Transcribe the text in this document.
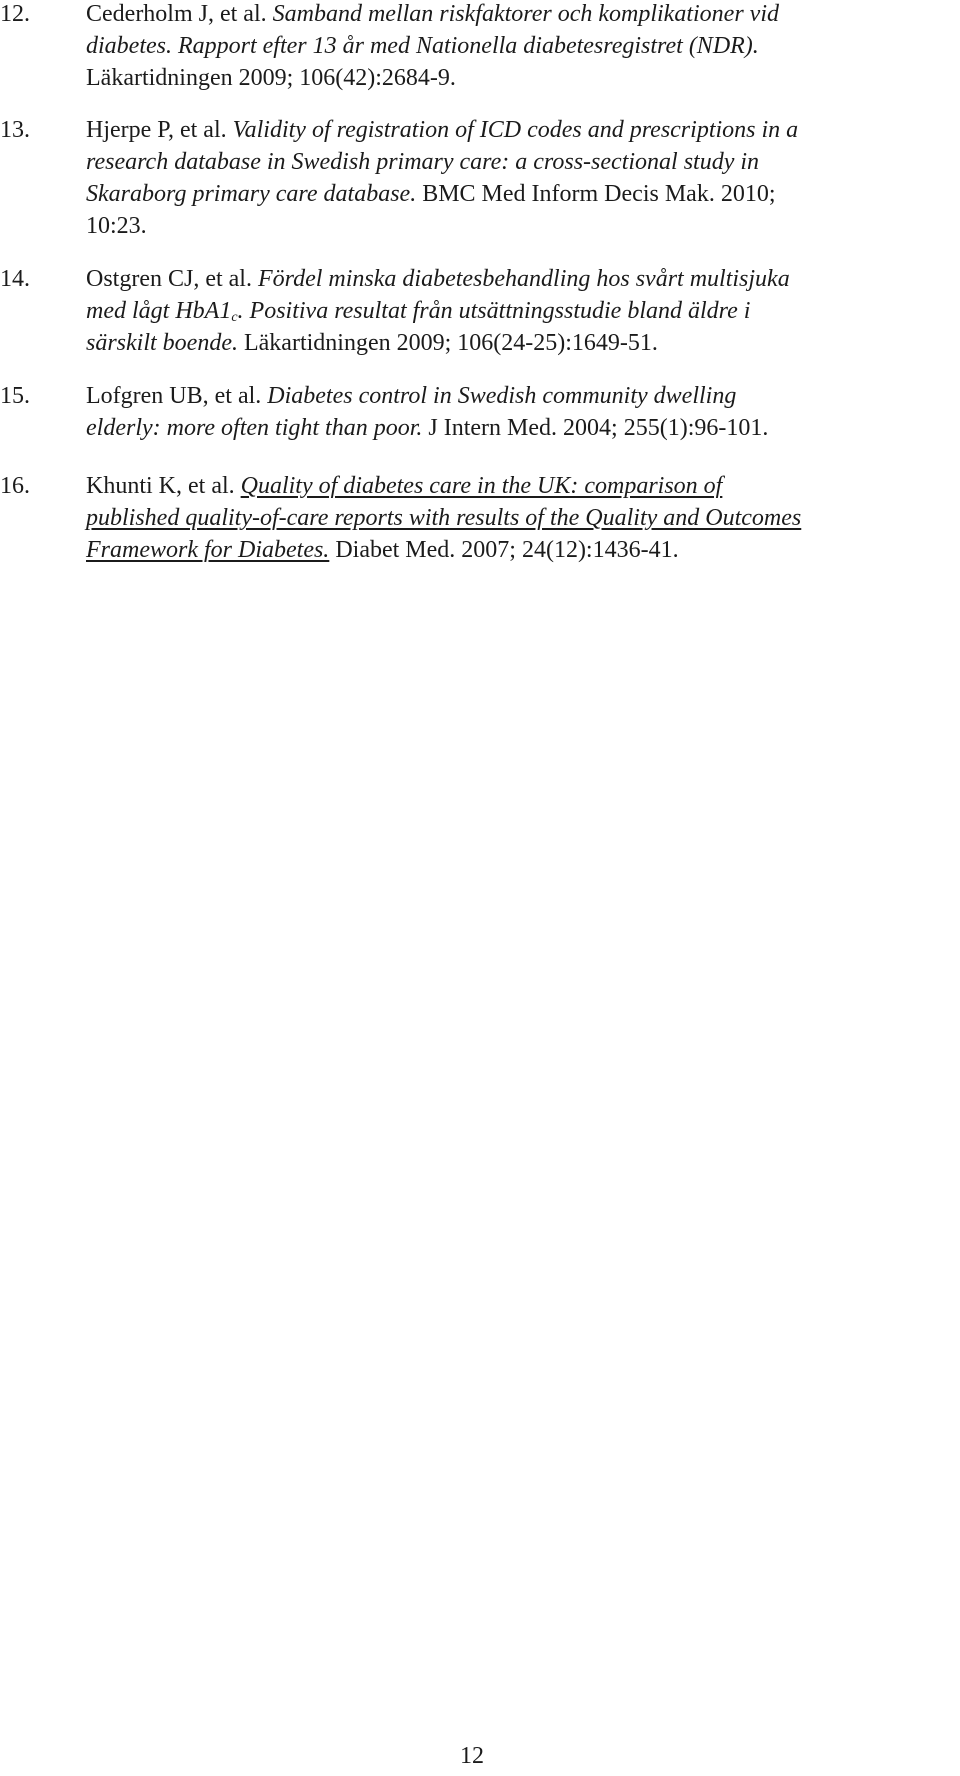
12. Cederholm J, et al. Samband mellan riskfaktorer och komplikationer vid
diabetes. Rapport efter 13 år med Nationella diabetesregistret (NDR).
Läkartidningen 2009; 106(42):2684-9.
13. Hjerpe P, et al. Validity of registration of ICD codes and prescriptions in a
research database in Swedish primary care: a cross-sectional study in
Skaraborg primary care database. BMC Med Inform Decis Mak. 2010;
10:23.
14. Ostgren CJ, et al. Fördel minska diabetesbehandling hos svårt multisjuka
med lågt $HbA1_c$. Positiva resultat från utsättningsstudie bland äldre i
särskilt boende. Läkartidningen 2009; 106(24-25):1649-51.
15. Lofgren UB, et al. Diabetes control in Swedish community dwelling
elderly: more often tight than poor. J Intern Med. 2004; 255(1):96-101.
16. Khunti K, et al. Quality of diabetes care in the UK: comparison of
published quality-of-care reports with results of the Quality and Outcomes
Framework for Diabetes. Diabet Med. 2007; 24(12):1436-41.
12
